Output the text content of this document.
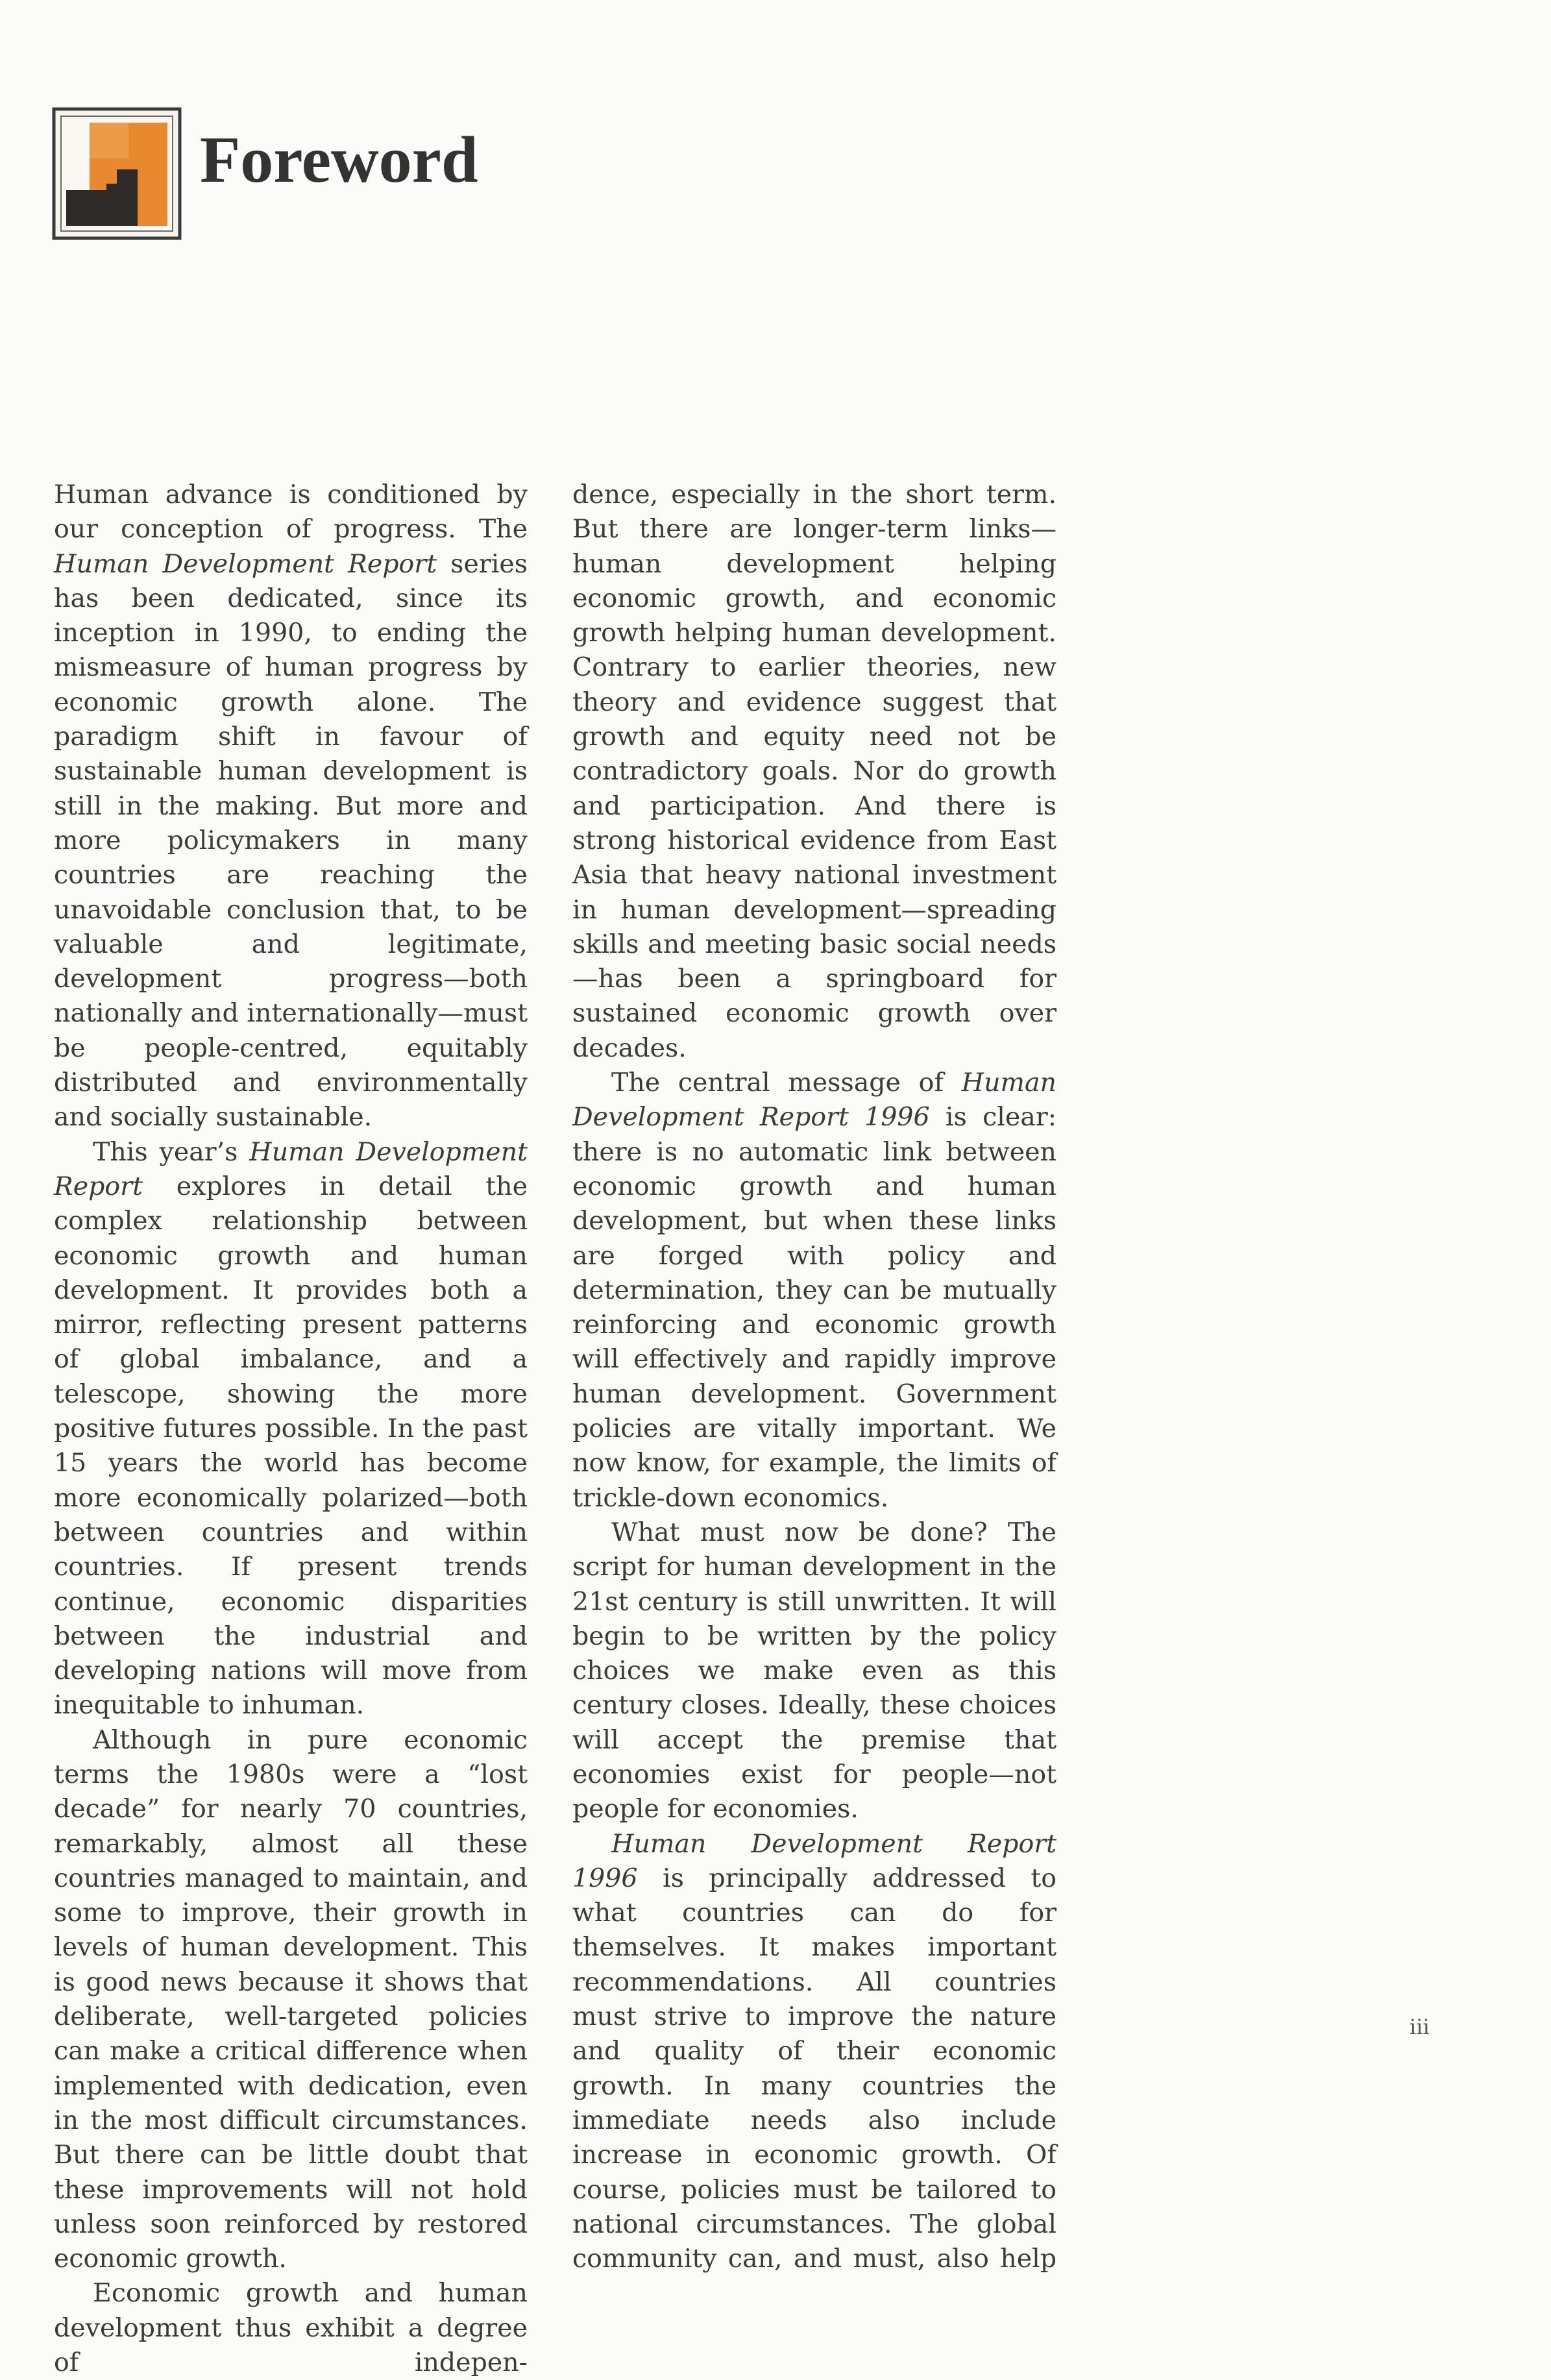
Foreword

Human advance is conditioned by our conception of progress. The Human Development Report series has been dedicated, since its inception in 1990, to ending the mismeasure of human progress by economic growth alone. The paradigm shift in favour of sustainable human development is still in the making. But more and more policymakers in many countries are reaching the unavoidable conclusion that, to be valuable and legitimate, development progress—both nationally and internationally—must be people-centred, equitably distributed and environmentally and socially sustainable.

This year’s Human Development Report explores in detail the complex relationship between economic growth and human development. It provides both a mirror, reflecting present patterns of global imbalance, and a telescope, showing the more positive futures possible. In the past 15 years the world has become more economically polarized—both between countries and within countries. If present trends continue, economic disparities between the industrial and developing nations will move from inequitable to inhuman.

Although in pure economic terms the 1980s were a “lost decade” for nearly 70 countries, remarkably, almost all these countries managed to maintain, and some to improve, their growth in levels of human development. This is good news because it shows that deliberate, well-targeted policies can make a critical difference when implemented with dedication, even in the most difficult circumstances. But there can be little doubt that these improvements will not hold unless soon reinforced by restored economic growth.

Economic growth and human development thus exhibit a degree of indepen-

dence, especially in the short term. But there are longer-term links—human development helping economic growth, and economic growth helping human development. Contrary to earlier theories, new theory and evidence suggest that growth and equity need not be contradictory goals. Nor do growth and participation. And there is strong historical evidence from East Asia that heavy national investment in human development—spreading skills and meeting basic social needs—has been a springboard for sustained economic growth over decades.

The central message of Human Development Report 1996 is clear: there is no automatic link between economic growth and human development, but when these links are forged with policy and determination, they can be mutually reinforcing and economic growth will effectively and rapidly improve human development. Government policies are vitally important. We now know, for example, the limits of trickle-down economics.

What must now be done? The script for human development in the 21st century is still unwritten. It will begin to be written by the policy choices we make even as this century closes. Ideally, these choices will accept the premise that economies exist for people—not people for economies.

Human Development Report 1996 is principally addressed to what countries can do for themselves. It makes important recommendations. All countries must strive to improve the nature and quality of their economic growth. In many countries the immediate needs also include increase in economic growth. Of course, policies must be tailored to national circumstances. The global community can, and must, also help

iii
